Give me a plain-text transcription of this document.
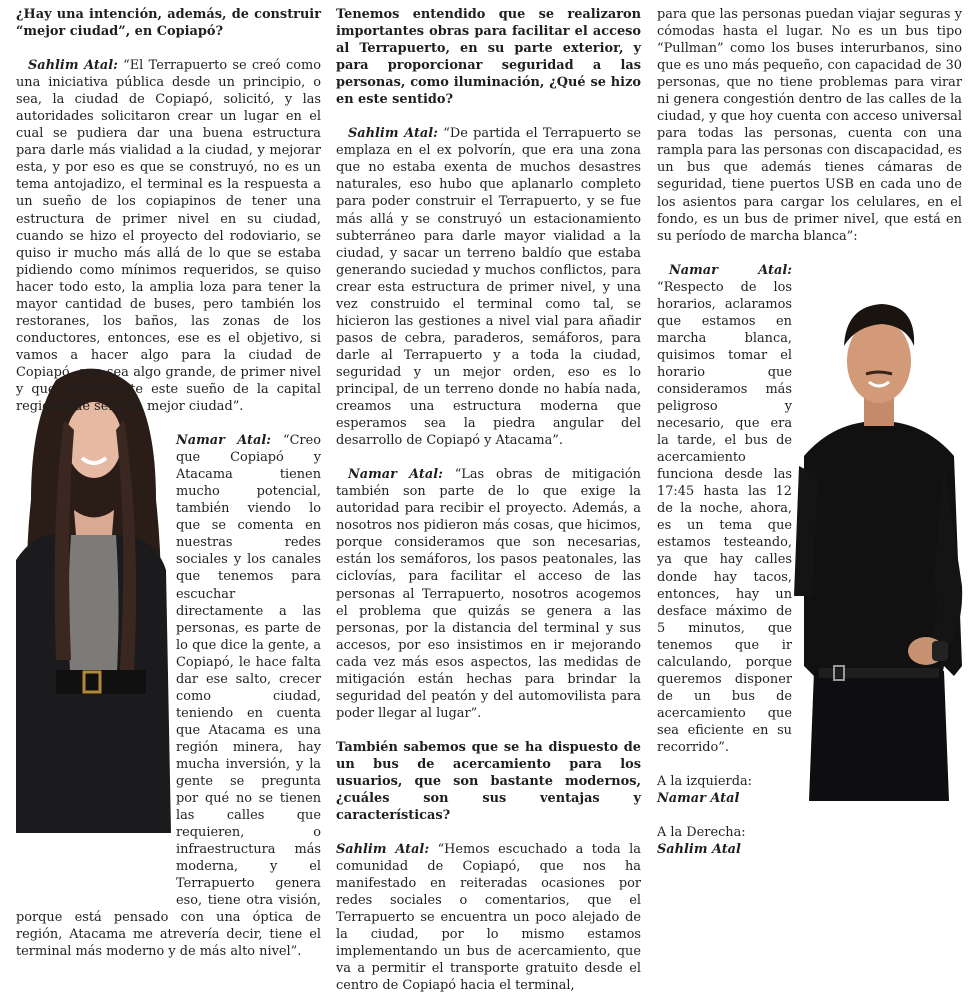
¿Hay una intención, además, de construir “mejor ciudad”, en Copiapó?

Sahlim Atal: “El Terrapuerto se creó como una iniciativa pública desde un principio, o sea, la ciudad de Copiapó, solicitó, y las autoridades solicitaron crear un lugar en el cual se pudiera dar una buena estructura para darle más vialidad a la ciudad, y mejorar esta, y por eso es que se construyó, no es un tema antojadizo, el terminal es la respuesta a un sueño de los copiapinos de tener una estructura de primer nivel en su ciudad, cuando se hizo el proyecto del rodoviario, se quiso ir mucho más allá de lo que se estaba pidiendo como mínimos requeridos, se quiso hacer todo esto, la amplia loza para tener la mayor cantidad de buses, pero también los restoranes, los baños, las zonas de los conductores, entonces, ese es el objetivo, si vamos a hacer algo para la ciudad de Copiapó, que sea algo grande, de primer nivel y que se concrete este sueño de la capital regional de ser una mejor ciudad”.

Namar Atal: “Creo que Copiapó y Atacama tienen mucho potencial, también viendo lo que se comenta en nuestras redes sociales y los canales que tenemos para escuchar directamente a las personas, es parte de lo que dice la gente, a Copiapó, le hace falta dar ese salto, crecer como ciudad, teniendo en cuenta que Atacama es una región minera, hay mucha inversión, y la gente se pregunta por qué no se tienen las calles que requieren, o infraestructura más moderna, y el Terrapuerto genera eso, tiene otra visión, porque está pensado con una óptica de región, Atacama me atrevería decir, tiene el terminal más moderno y de más alto nivel”.

Tenemos entendido que se realizaron importantes obras para facilitar el acceso al Terrapuerto, en su parte exterior, y para proporcionar seguridad a las personas, como iluminación, ¿Qué se hizo en este sentido?

Sahlim Atal: “De partida el Terrapuerto se emplaza en el ex polvorín, que era una zona que no estaba exenta de muchos desastres naturales, eso hubo que aplanarlo completo para poder construir el Terrapuerto, y se fue más allá y se construyó un estacionamiento subterráneo para darle mayor vialidad a la ciudad, y sacar un terreno baldío que estaba generando suciedad y muchos conflictos, para crear esta estructura de primer nivel, y una vez construido el terminal como tal, se hicieron las gestiones a nivel vial para añadir pasos de cebra, paraderos, semáforos, para darle al Terrapuerto y a toda la ciudad, seguridad y un mejor orden, eso es lo principal, de un terreno donde no había nada, creamos una estructura moderna que esperamos sea la piedra angular del desarrollo de Copiapó y Atacama”.

Namar Atal: “Las obras de mitigación también son parte de lo que exige la autoridad para recibir el proyecto. Además, a nosotros nos pidieron más cosas, que hicimos, porque consideramos que son necesarias, están los semáforos, los pasos peatonales, las ciclovías, para facilitar el acceso de las personas al Terrapuerto, nosotros acogemos el problema que quizás se genera a las personas, por la distancia del terminal y sus accesos, por eso insistimos en ir mejorando cada vez más esos aspectos, las medidas de mitigación están hechas para brindar la seguridad del peatón y del automovilista para poder llegar al lugar”.

También sabemos que se ha dispuesto de un bus de acercamiento para los usuarios, que son bastante modernos, ¿cuáles son sus ventajas y características?

Sahlim Atal: “Hemos escuchado a toda la comunidad de Copiapó, que nos ha manifestado en reiteradas ocasiones por redes sociales o comentarios, que el Terrapuerto se encuentra un poco alejado de la ciudad, por lo mismo estamos implementando un bus de acercamiento, que va a permitir el transporte gratuito desde el centro de Copiapó hacia el terminal,

para que las personas puedan viajar seguras y cómodas hasta el lugar. No es un bus tipo “Pullman” como los buses interurbanos, sino que es uno más pequeño, con capacidad de 30 personas, que no tiene problemas para virar ni genera congestión dentro de las calles de la ciudad, y que hoy cuenta con acceso universal para todas las personas, cuenta con una rampla para las personas con discapacidad, es un bus que además tienes cámaras de seguridad, tiene puertos USB en cada uno de los asientos para cargar los celulares, en el fondo, es un bus de primer nivel, que está en su período de marcha blanca”:

Namar Atal: “Respecto de los horarios, aclaramos que estamos en marcha blanca, quisimos tomar el horario que consideramos más peligroso y necesario, que era la tarde, el bus de acercamiento funciona desde las 17:45 hasta las 12 de la noche, ahora, es un tema que estamos testeando, ya que hay calles donde hay tacos, entonces, hay un desface máximo de 5 minutos, que tenemos que ir calculando, porque queremos disponer de un bus de acercamiento que sea eficiente en su recorrido”.

A la izquierda:

Namar Atal

A la Derecha:

Sahlim Atal
